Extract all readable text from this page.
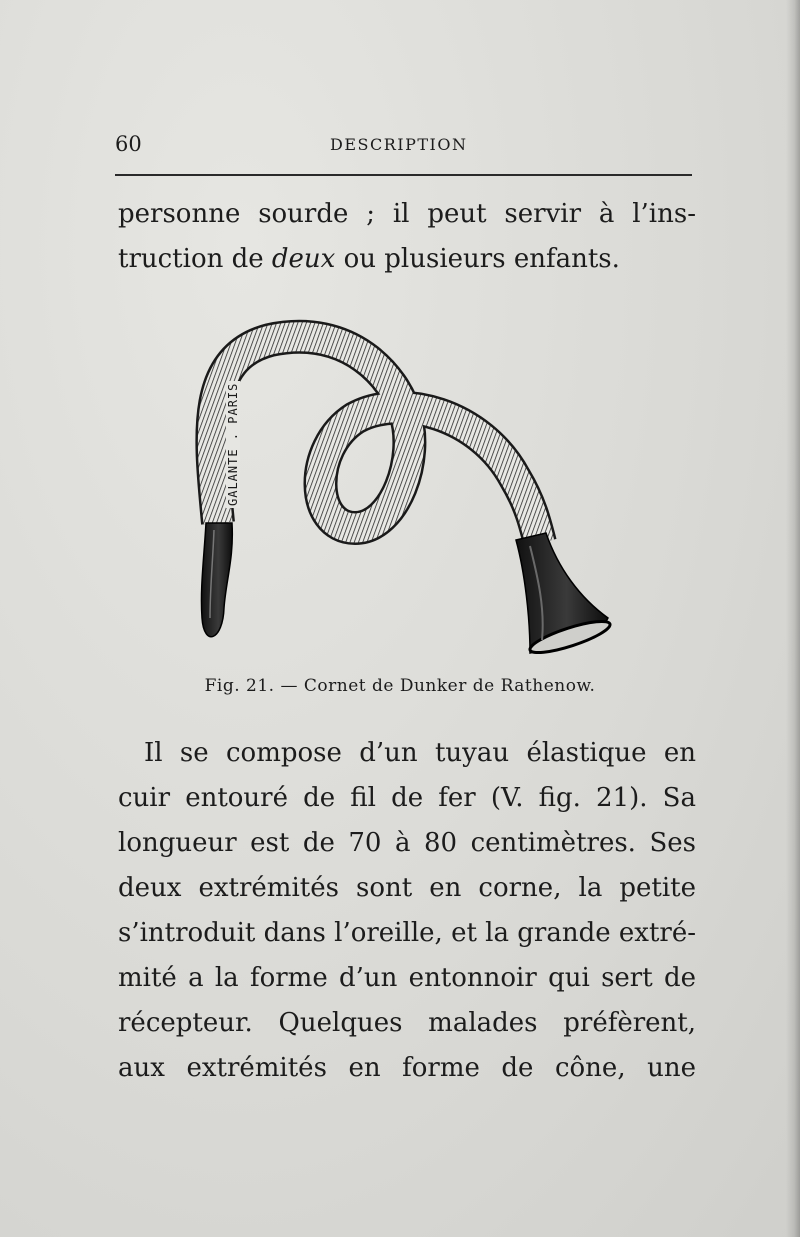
60	DESCRIPTION

personne sourde ; il peut servir à l’ins-
truction de deux ou plusieurs enfants.

GALANTE . PARIS
Fig. 21. — Cornet de Dunker de Rathenow.

Il se compose d’un tuyau élastique en
cuir entouré de fil de fer (V. fig. 21). Sa
longueur est de 70 à 80 centimètres. Ses
deux extrémités sont en corne, la petite
s’introduit dans l’oreille, et la grande extré-
mité a la forme d’un entonnoir qui sert de
récepteur. Quelques malades préfèrent,
aux extrémités en forme de cône, une
